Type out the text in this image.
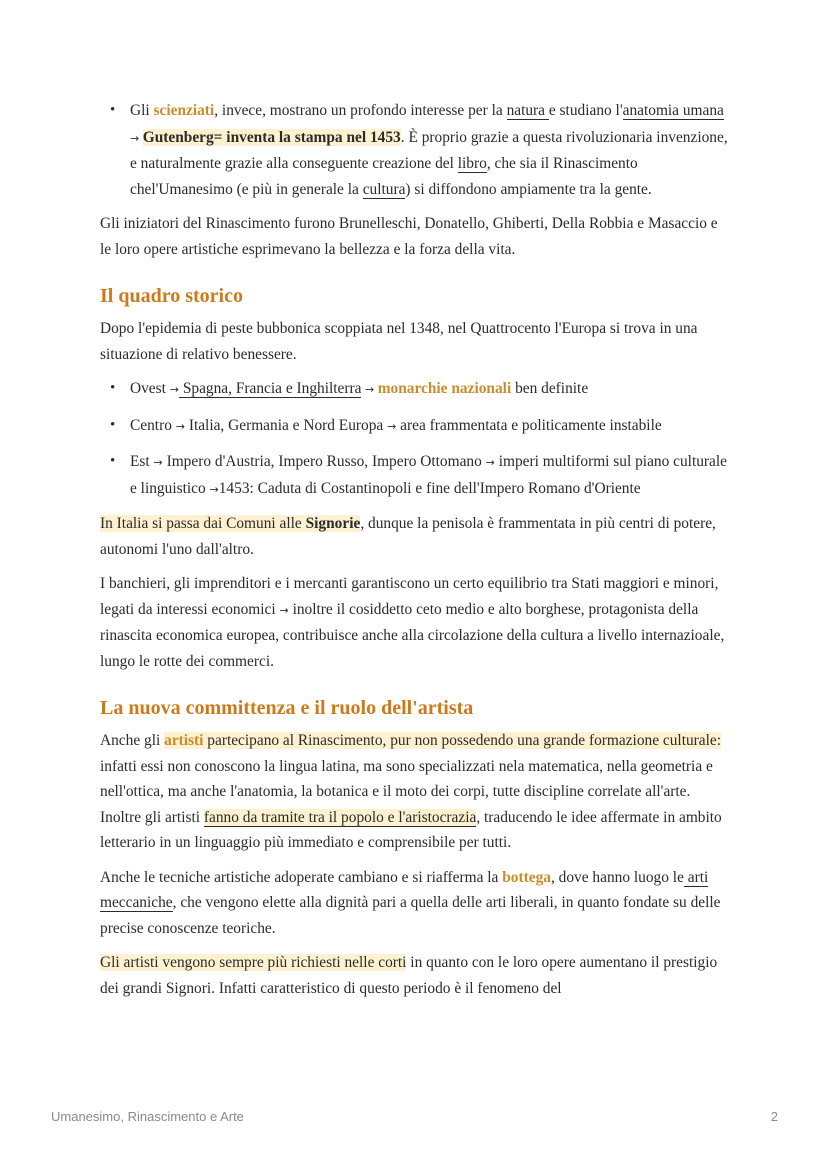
• Gli scienziati, invece, mostrano un profondo interesse per la natura e studiano l'anatomia umana → Gutenberg= inventa la stampa nel 1453. È proprio grazie a questa rivoluzionaria invenzione, e naturalmente grazie alla conseguente creazione del libro, che sia il Rinascimento chel'Umanesimo (e più in generale la cultura) si diffondono ampiamente tra la gente.

Gli iniziatori del Rinascimento furono Brunelleschi, Donatello, Ghiberti, Della Robbia e Masaccio e le loro opere artistiche esprimevano la bellezza e la forza della vita.

Il quadro storico

Dopo l'epidemia di peste bubbonica scoppiata nel 1348, nel Quattrocento l'Europa si trova in una situazione di relativo benessere.

• Ovest → Spagna, Francia e Inghilterra → monarchie nazionali ben definite
• Centro → Italia, Germania e Nord Europa → area frammentata e politicamente instabile
• Est → Impero d'Austria, Impero Russo, Impero Ottomano → imperi multiformi sul piano culturale e linguistico →1453: Caduta di Costantinopoli e fine dell'Impero Romano d'Oriente

In Italia si passa dai Comuni alle Signorie, dunque la penisola è frammentata in più centri di potere, autonomi l'uno dall'altro.

I banchieri, gli imprenditori e i mercanti garantiscono un certo equilibrio tra Stati maggiori e minori, legati da interessi economici → inoltre il cosiddetto ceto medio e alto borghese, protagonista della rinascita economica europea, contribuisce anche alla circolazione della cultura a livello internazioale, lungo le rotte dei commerci.

La nuova committenza e il ruolo dell'artista

Anche gli artisti partecipano al Rinascimento, pur non possedendo una grande formazione culturale: infatti essi non conoscono la lingua latina, ma sono specializzati nela matematica, nella geometria e nell'ottica, ma anche l'anatomia, la botanica e il moto dei corpi, tutte discipline correlate all'arte. Inoltre gli artisti fanno da tramite tra il popolo e l'aristocrazia, traducendo le idee affermate in ambito letterario in un linguaggio più immediato e comprensibile per tutti.

Anche le tecniche artistiche adoperate cambiano e si riafferma la bottega, dove hanno luogo le arti meccaniche, che vengono elette alla dignità pari a quella delle arti liberali, in quanto fondate su delle precise conoscenze teoriche.

Gli artisti vengono sempre più richiesti nelle corti in quanto con le loro opere aumentano il prestigio dei grandi Signori. Infatti caratteristico di questo periodo è il fenomeno del

Umanesimo, Rinascimento e Arte	2
